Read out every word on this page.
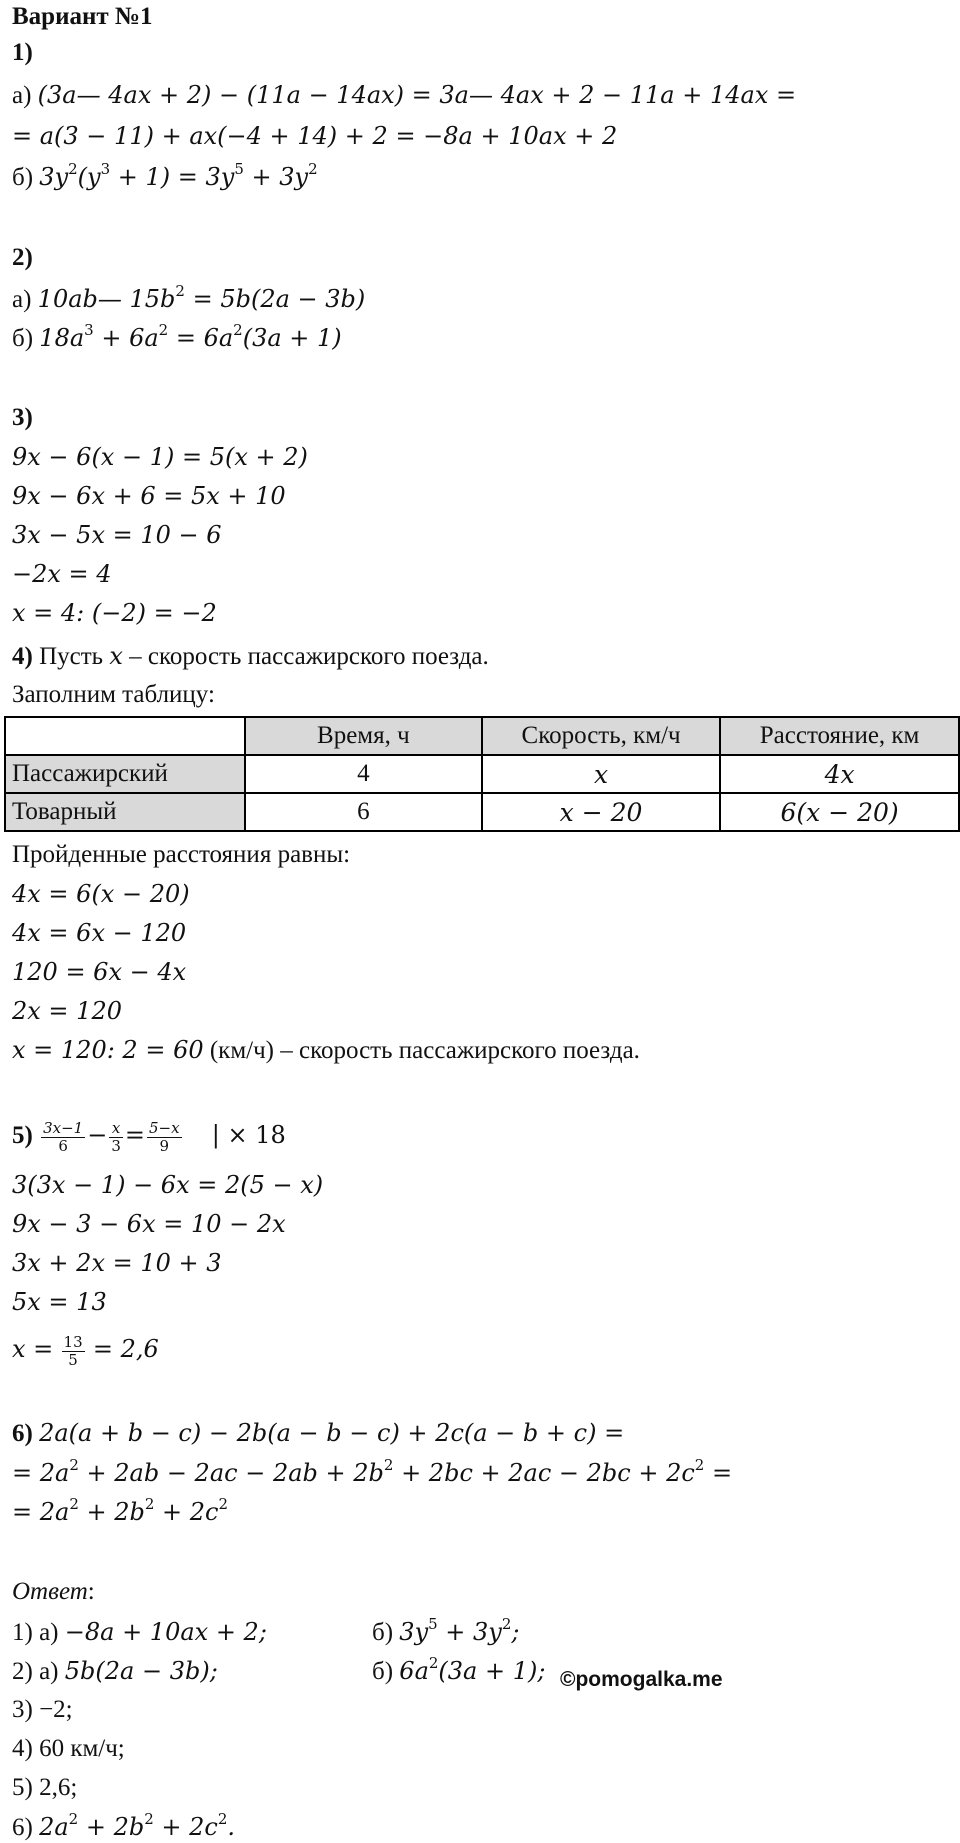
Вариант №1
1)
а) (3a— 4ax + 2) − (11a − 14ax) = 3a— 4ax + 2 − 11a + 14ax =
= a(3 − 11) + ax(−4 + 14) + 2 = −8a + 10ax + 2
б) $3y^2(y^3 + 1) = 3y^5 + 3y^2$
2)
а) 10ab— $15b^2 = 5b(2a - 3b)$
б) $18a^3 + 6a^2 = 6a^2(3a + 1)$
3)
9x − 6(x − 1) = 5(x + 2)
9x − 6x + 6 = 5x + 10
3x − 5x = 10 − 6
−2x = 4
x = 4: (−2) = −2
4) Пусть x – скорость пассажирского поезда.
Заполним таблицу:
	Время, ч	Скорость, км/ч	Расстояние, км
Пассажирский	4	x	4x
Товарный	6	x − 20	6(x − 20)
Пройденные расстояния равны:
4x = 6(x − 20)
4x = 6x − 120
120 = 6x − 4x
2x = 120
x = 120: 2 = 60 (км/ч) – скорость пассажирского поезда.
$5) \frac{3x-1}{6} - \frac{x}{3} = \frac{5-x}{9}$ | × 18
3(3x − 1) − 6x = 2(5 − x)
9x − 3 − 6x = 10 − 2x
3x + 2x = 10 + 3
5x = 13
$x = \frac{13}{5} = 2,6$
6) 2a(a + b − c) − 2b(a − b − c) + 2c(a − b + c) =
= $2a^2 + 2ab - 2ac - 2ab + 2b^2 + 2bc + 2ac - 2bc + 2c^2$ =
= $2a^2 + 2b^2 + 2c^2$
Ответ:
1) а) −8a + 10ax + 2;	б) $3y^5 + 3y^2$;
2) а) 5b(2a − 3b);	б) $6a^2(3a + 1)$; ©pomogalka.me
3) −2;
4) 60 км/ч;
5) 2,6;
6) $2a^2 + 2b^2 + 2c^2$.
